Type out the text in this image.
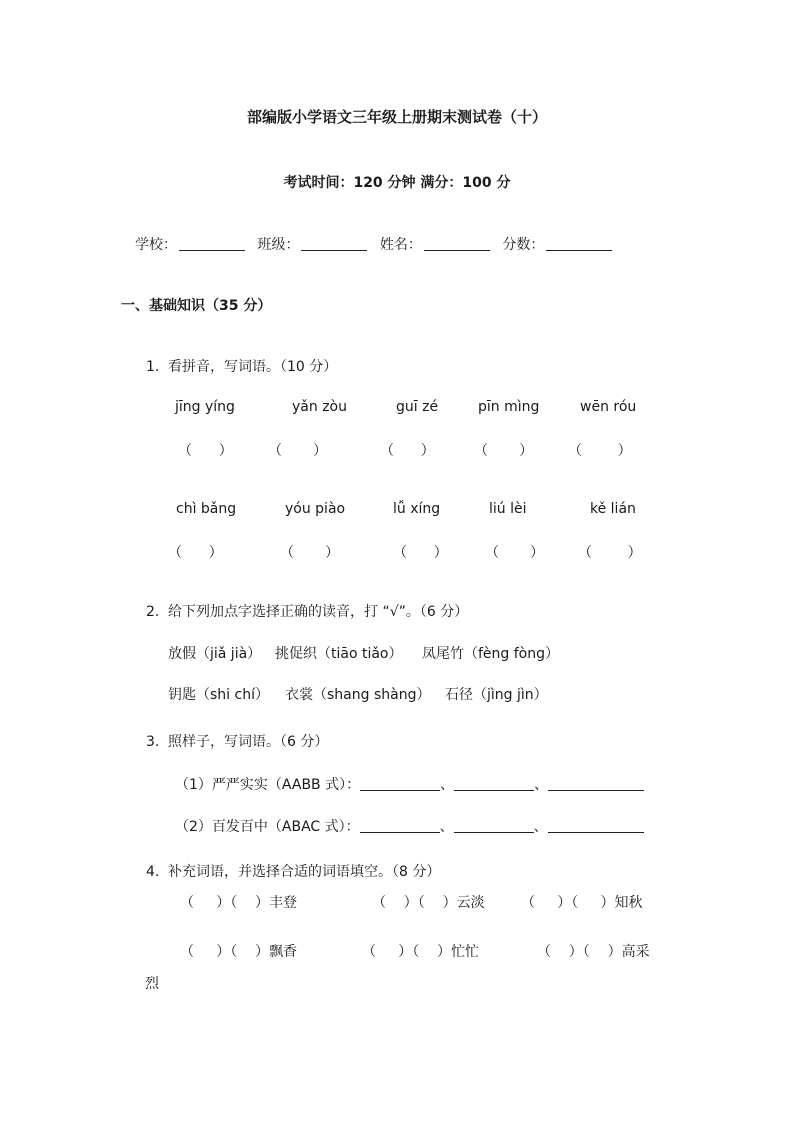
部编版小学语文三年级上册期末测试卷（十）
考试时间：120 分钟 满分：100 分
学校：	班级：	姓名：	分数：
一、基础知识（35 分）
1. 看拼音，写词语。（10 分）
jīng yíng	yǎn zòu	guī zé	pīn mìng	wēn róu
（      ）	（       ）	（      ）	（       ） （        ）
chì bǎng	yóu piào	lǚ xíng	liú lèi	kě lián
（      ）	（       ）	（      ）	（       ） （        ）
2. 给下列加点字选择正确的读音，打 “√”。（6 分）
放假（jiǎ jià） 挑促织（tiāo tiǎo） 凤尾竹（fèng fòng）
钥匙（shi chí） 衣裳（shang shàng） 石径（jìng jìn）
3. 照样子，写词语。（6 分）
（1）严严实实（AABB 式）：	、	、
（2）百发百中（ABAC 式）：	、	、
4. 补充词语，并选择合适的词语填空。（8 分）
（     ）（    ）丰登	（    ）（    ）云淡	（     ）（     ）知秋
（     ）（    ）飘香	（     ）（    ）忙忙	（    ）（    ）高采
烈
